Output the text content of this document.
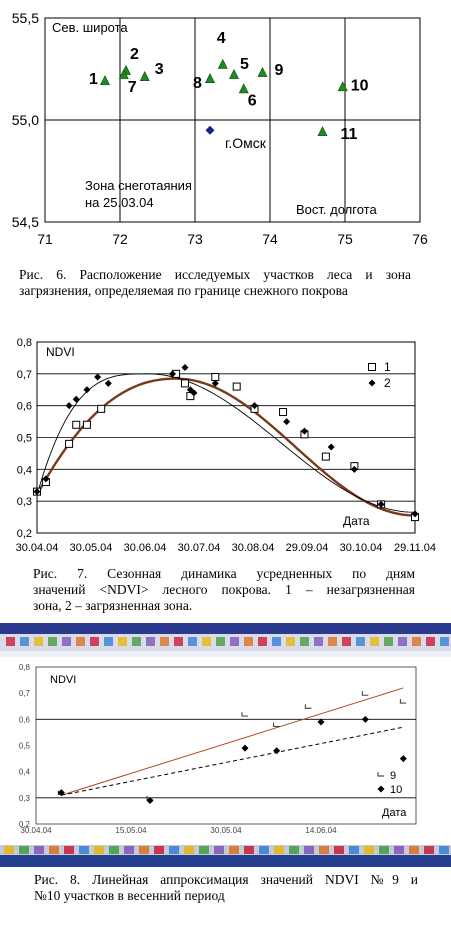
71	72	73	74	75	76
54,5
55,0
55,5
1
2
7
3
8
4
5
6
9
10
11
Сев. широта
Вост. долгота
Зона снеготаяния
на 25.03.04
г.Омск
Рис. 6. Расположение исследуемых участков леса и зона
загрязнения, определяемая по границе снежного покрова
0,2
0,3
0,4
0,5
0,6
0,7
0,8
30.04.04 30.05.04 30.06.04 30.07.04 30.08.04 29.09.04 30.10.04 29.11.04
1
2
NDVI
Дата
Рис. 7. Сезонная динамика усредненных по дням
значений <NDVI> лесного покрова. 1 – незагрязненная
зона, 2 – загрязненная зона.
0,2
0,3
0,4
0,5
0,6
0,7
0,8
30.04.04	15.05.04	30.05.04	14.06.04
9
10
NDVI
Дата
Рис. 8. Линейная аппроксимация значений NDVI №9 и
№10 участков в весенний период
